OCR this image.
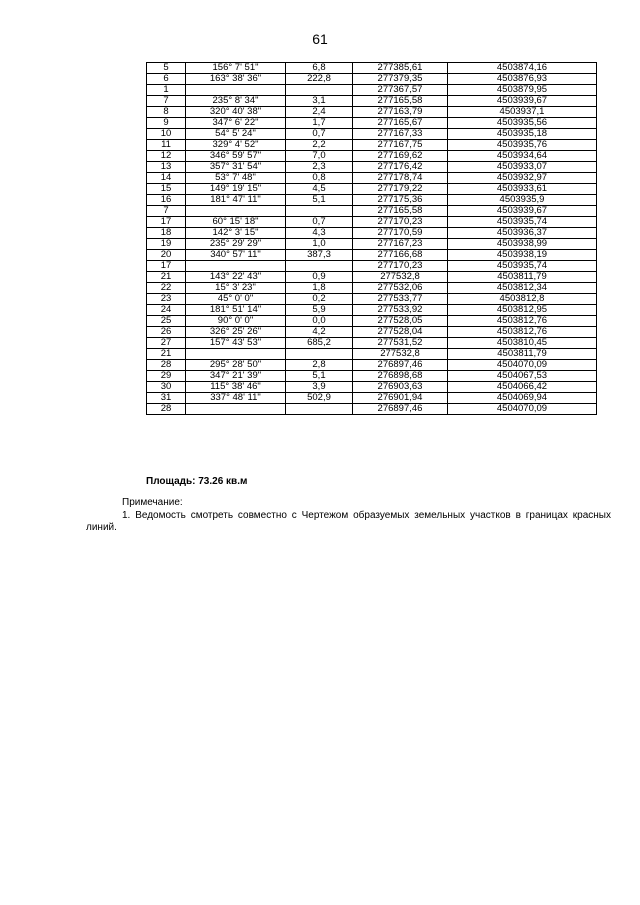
61
5	156° 7' 51"	6,8	277385,61	4503874,16
6	163° 38' 36"	222,8	277379,35	4503876,93
1			277367,57	4503879,95
7	235° 8' 34"	3,1	277165,58	4503939,67
8	320° 40' 38"	2,4	277163,79	4503937,1
9	347° 6' 22"	1,7	277165,67	4503935,56
10	54° 5' 24"	0,7	277167,33	4503935,18
11	329° 4' 52"	2,2	277167,75	4503935,76
12	346° 59' 57"	7,0	277169,62	4503934,64
13	357° 31' 54"	2,3	277176,42	4503933,07
14	53° 7' 48"	0,8	277178,74	4503932,97
15	149° 19' 15"	4,5	277179,22	4503933,61
16	181° 47' 11"	5,1	277175,36	4503935,9
7			277165,58	4503939,67
17	60° 15' 18"	0,7	277170,23	4503935,74
18	142° 3' 15"	4,3	277170,59	4503936,37
19	235° 29' 29"	1,0	277167,23	4503938,99
20	340° 57' 11"	387,3	277166,68	4503938,19
17			277170,23	4503935,74
21	143° 22' 43"	0,9	277532,8	4503811,79
22	15° 3' 23"	1,8	277532,06	4503812,34
23	45° 0' 0"	0,2	277533,77	4503812,8
24	181° 51' 14"	5,9	277533,92	4503812,95
25	90° 0' 0"	0,0	277528,05	4503812,76
26	326° 25' 26"	4,2	277528,04	4503812,76
27	157° 43' 53"	685,2	277531,52	4503810,45
21			277532,8	4503811,79
28	295° 28' 50"	2,8	276897,46	4504070,09
29	347° 21' 39"	5,1	276898,68	4504067,53
30	115° 38' 46"	3,9	276903,63	4504066,42
31	337° 48' 11"	502,9	276901,94	4504069,94
28			276897,46	4504070,09
Площадь: 73.26 кв.м
Примечание:
1. Ведомость смотреть совместно с Чертежом образуемых земельных участков в границах красных линий.
